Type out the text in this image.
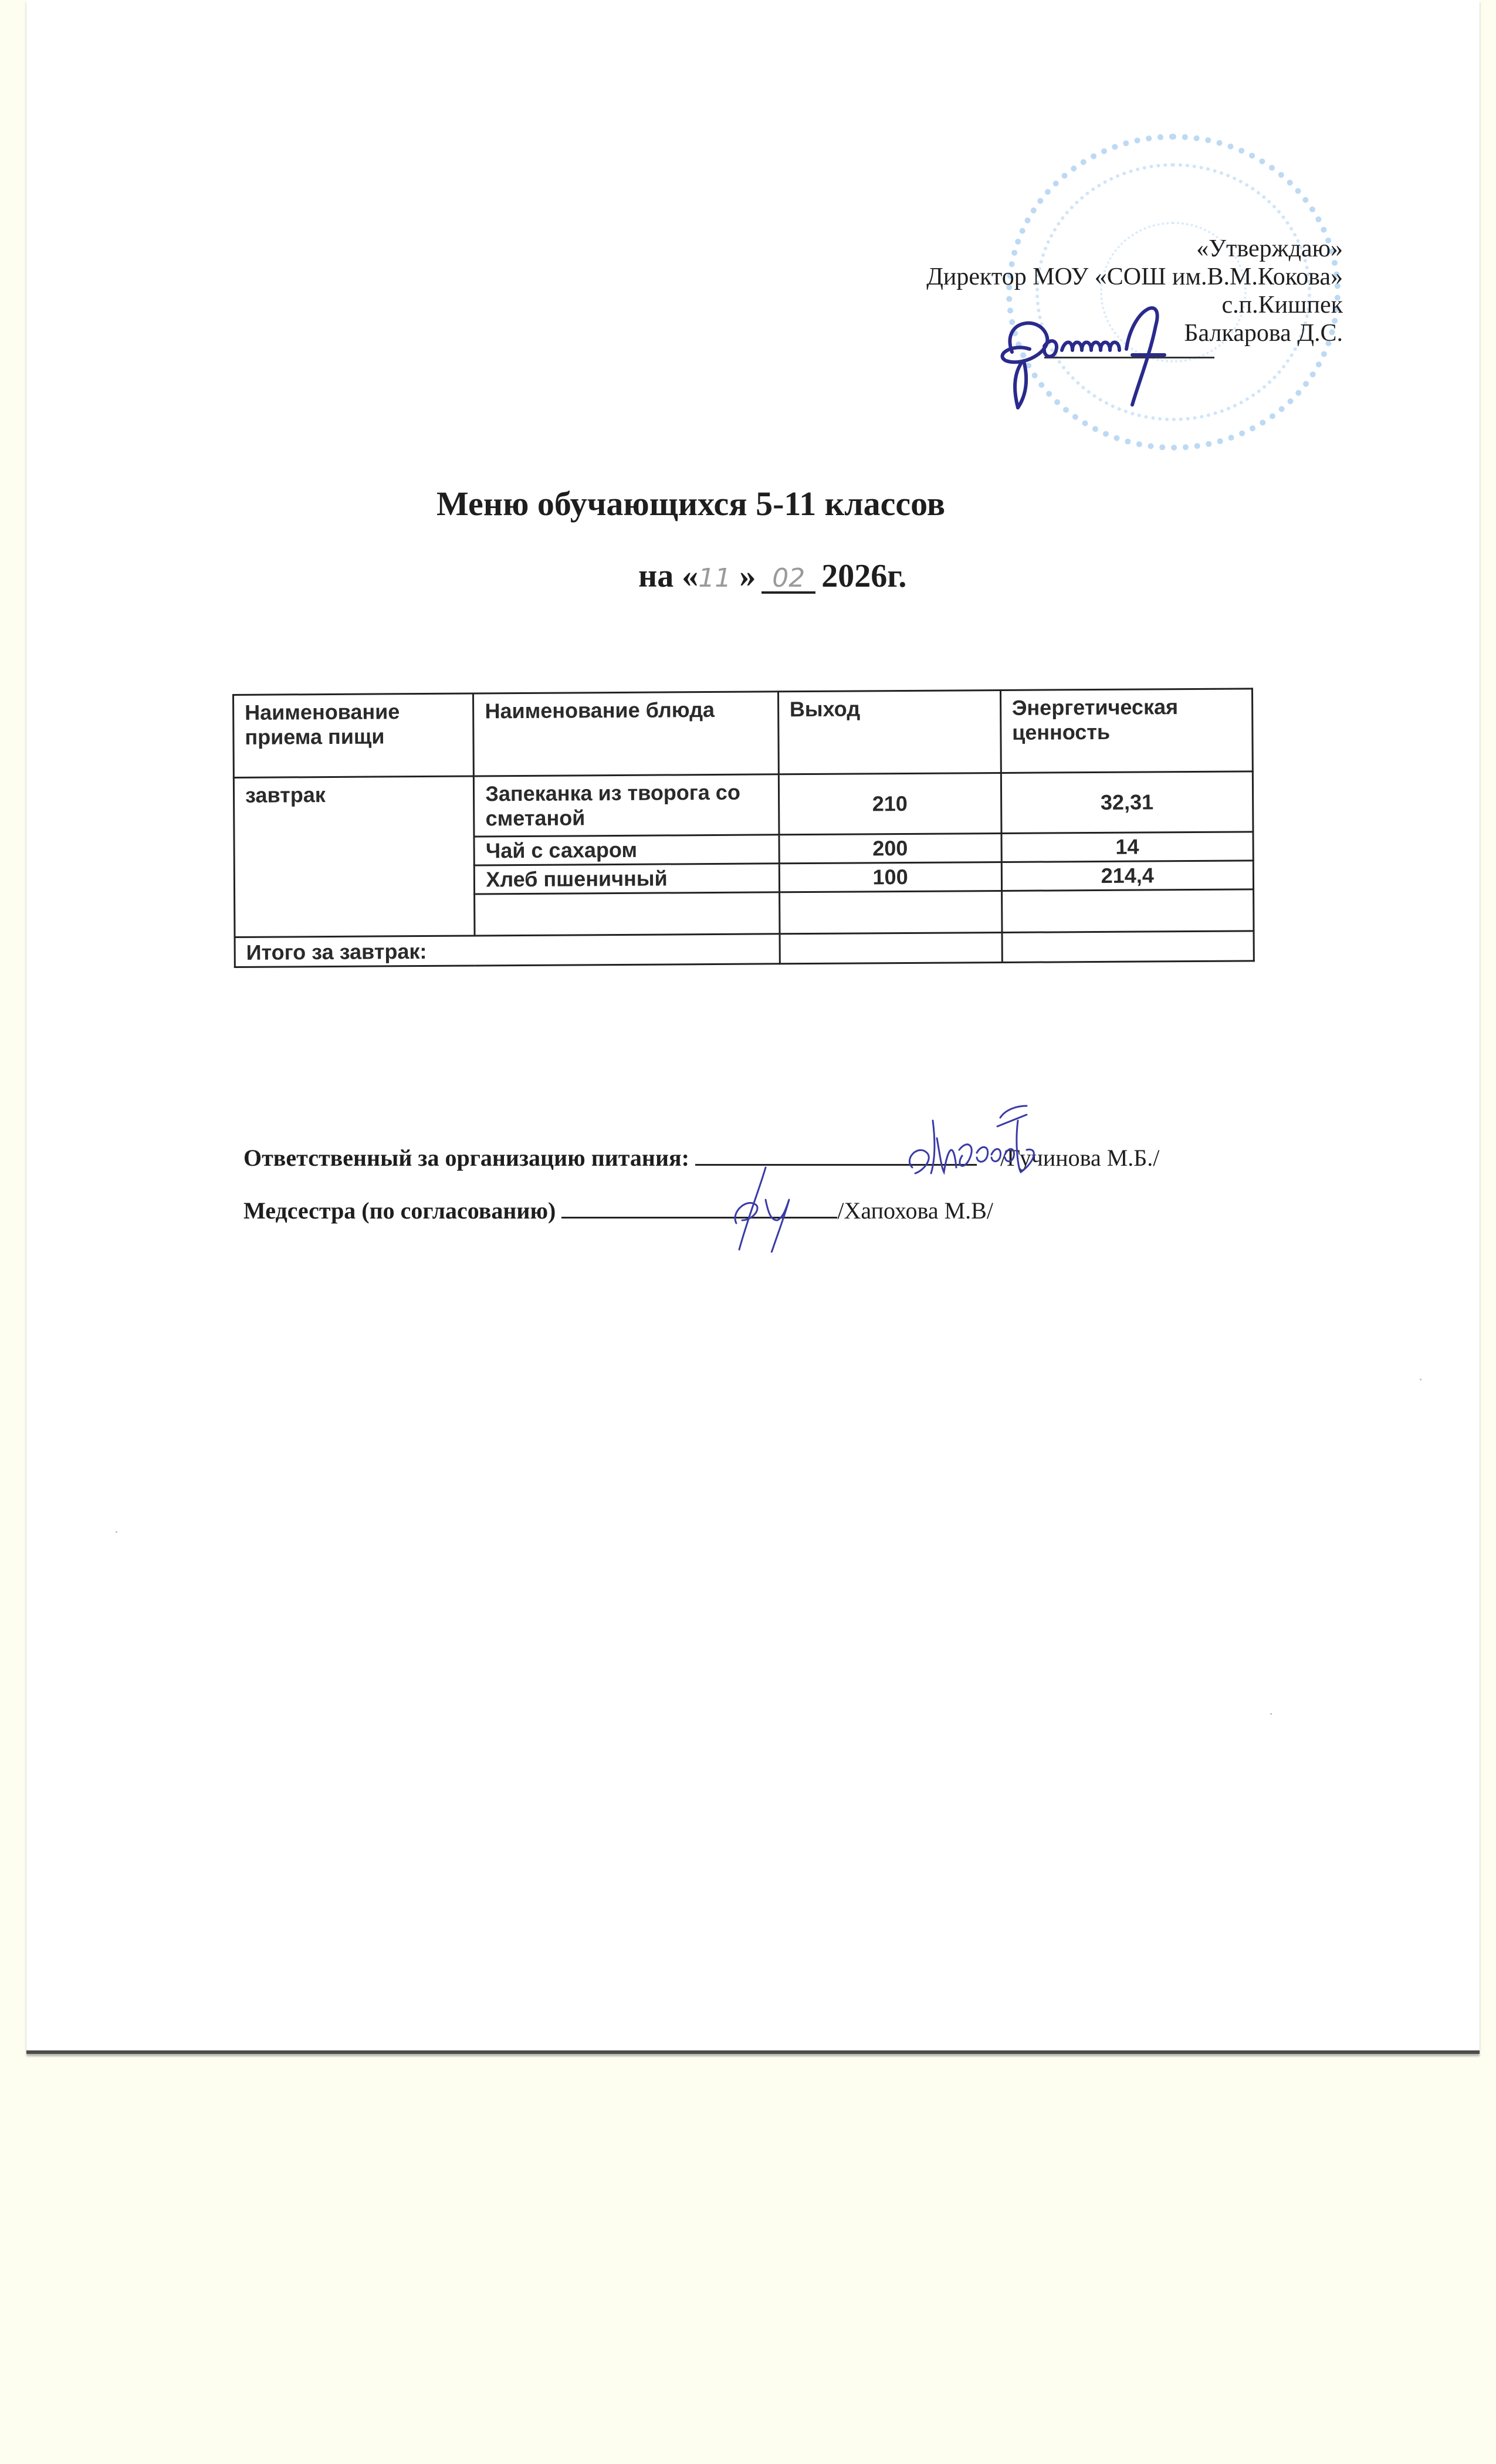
«Утверждаю»
Директор МОУ «СОШ им.В.М.Кокова»
с.п.Кишпек
Балкарова Д.С.
Меню обучающихся 5-11 классов
на «11 » 02 2026г.
Наименование приема пищи	Наименование блюда	Выход	Энергетическая ценность
завтрак	Запеканка из творога со сметаной	210	32,31
	Чай с сахаром	200	14
	Хлеб пшеничный	100	214,4

Итого за завтрак:			
Ответственный за организацию питания:	/Гучинова М.Б./
Медсестра (по согласованию)	/Хапохова М.В/
